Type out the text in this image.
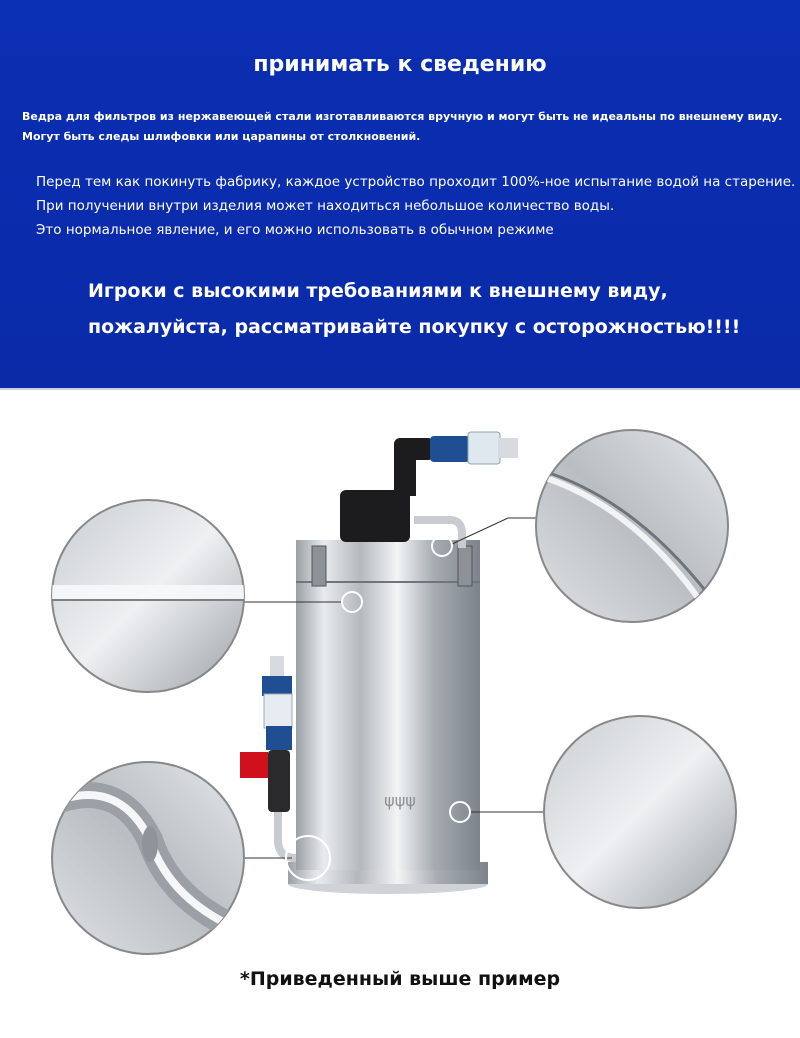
принимать к сведению
Ведра для фильтров из нержавеющей стали изготавливаются вручную и могут быть не идеальны по внешнему виду.
Могут быть следы шлифовки или царапины от столкновений.
Перед тем как покинуть фабрику, каждое устройство проходит 100%-ное испытание водой на старение.
При получении внутри изделия может находиться небольшое количество воды.
Это нормальное явление, и его можно использовать в обычном режиме
Игроки с высокими требованиями к внешнему виду,
пожалуйста, рассматривайте покупку с осторожностью!!!!
ψψψ
*Приведенный выше пример
